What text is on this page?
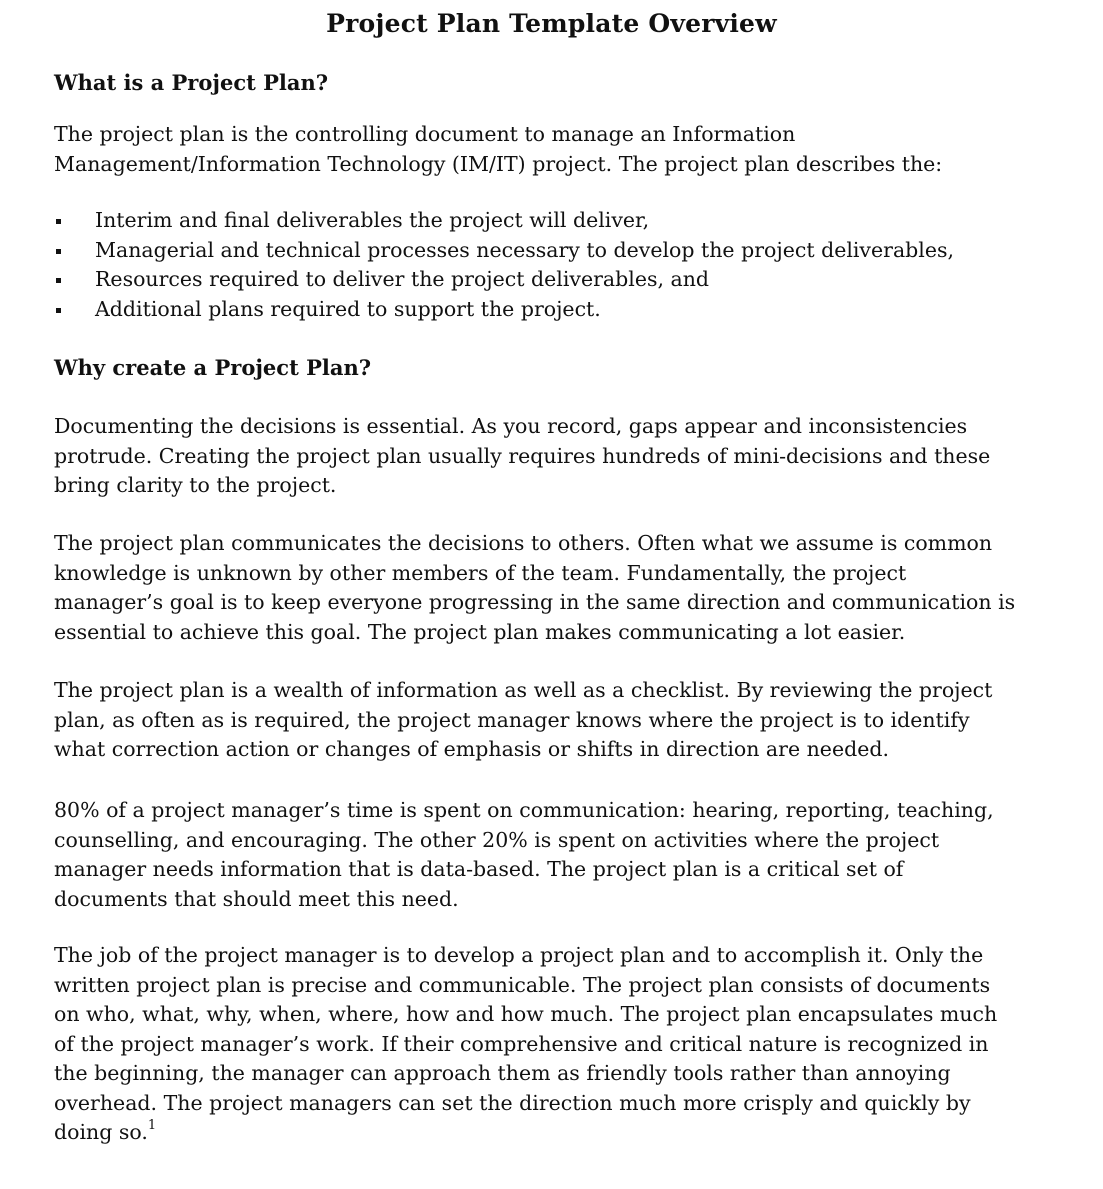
Project Plan Template Overview
What is a Project Plan?

The project plan is the controlling document to manage an Information
Management/Information Technology (IM/IT) project. The project plan describes the:

Interim and final deliverables the project will deliver,
Managerial and technical processes necessary to develop the project deliverables,
Resources required to deliver the project deliverables, and
Additional plans required to support the project.
Why create a Project Plan?

Documenting the decisions is essential. As you record, gaps appear and inconsistencies
protrude. Creating the project plan usually requires hundreds of mini-decisions and these
bring clarity to the project.

The project plan communicates the decisions to others. Often what we assume is common
knowledge is unknown by other members of the team. Fundamentally, the project
manager’s goal is to keep everyone progressing in the same direction and communication is
essential to achieve this goal. The project plan makes communicating a lot easier.

The project plan is a wealth of information as well as a checklist. By reviewing the project
plan, as often as is required, the project manager knows where the project is to identify
what correction action or changes of emphasis or shifts in direction are needed.

80% of a project manager’s time is spent on communication: hearing, reporting, teaching,
counselling, and encouraging. The other 20% is spent on activities where the project
manager needs information that is data-based. The project plan is a critical set of
documents that should meet this need.

The job of the project manager is to develop a project plan and to accomplish it. Only the
written project plan is precise and communicable. The project plan consists of documents
on who, what, why, when, where, how and how much. The project plan encapsulates much
of the project manager’s work. If their comprehensive and critical nature is recognized in
the beginning, the manager can approach them as friendly tools rather than annoying
overhead. The project managers can set the direction much more crisply and quickly by
doing so.$^1$
